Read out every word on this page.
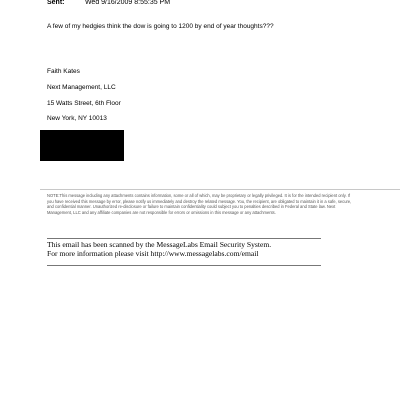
Sent:	Wed 9/16/2009 8:55:35 PM
A few of my hedgies think the dow is going to 1200 by end of year thoughts???
Faith Kates
Next Management, LLC
15 Watts Street, 6th Floor
New York, NY 10013
NOTE:This message including any attachments contains information, some or all of which, may be proprietary or legally privileged. It is for the intended recipient only. If you have received this message by error, please notify us immediately and destroy the related message. You, the recipient, are obligated to maintain it in a safe, secure, and confidential manner. Unauthorized re-disclosure or failure to maintain confidentiality could subject you to penalties described in Federal and State law. Next Management, LLC and any affiliate companies are not responsible for errors or omissions in this message or any attachments.
This email has been scanned by the MessageLabs Email Security System.
For more information please visit http://www.messagelabs.com/email
